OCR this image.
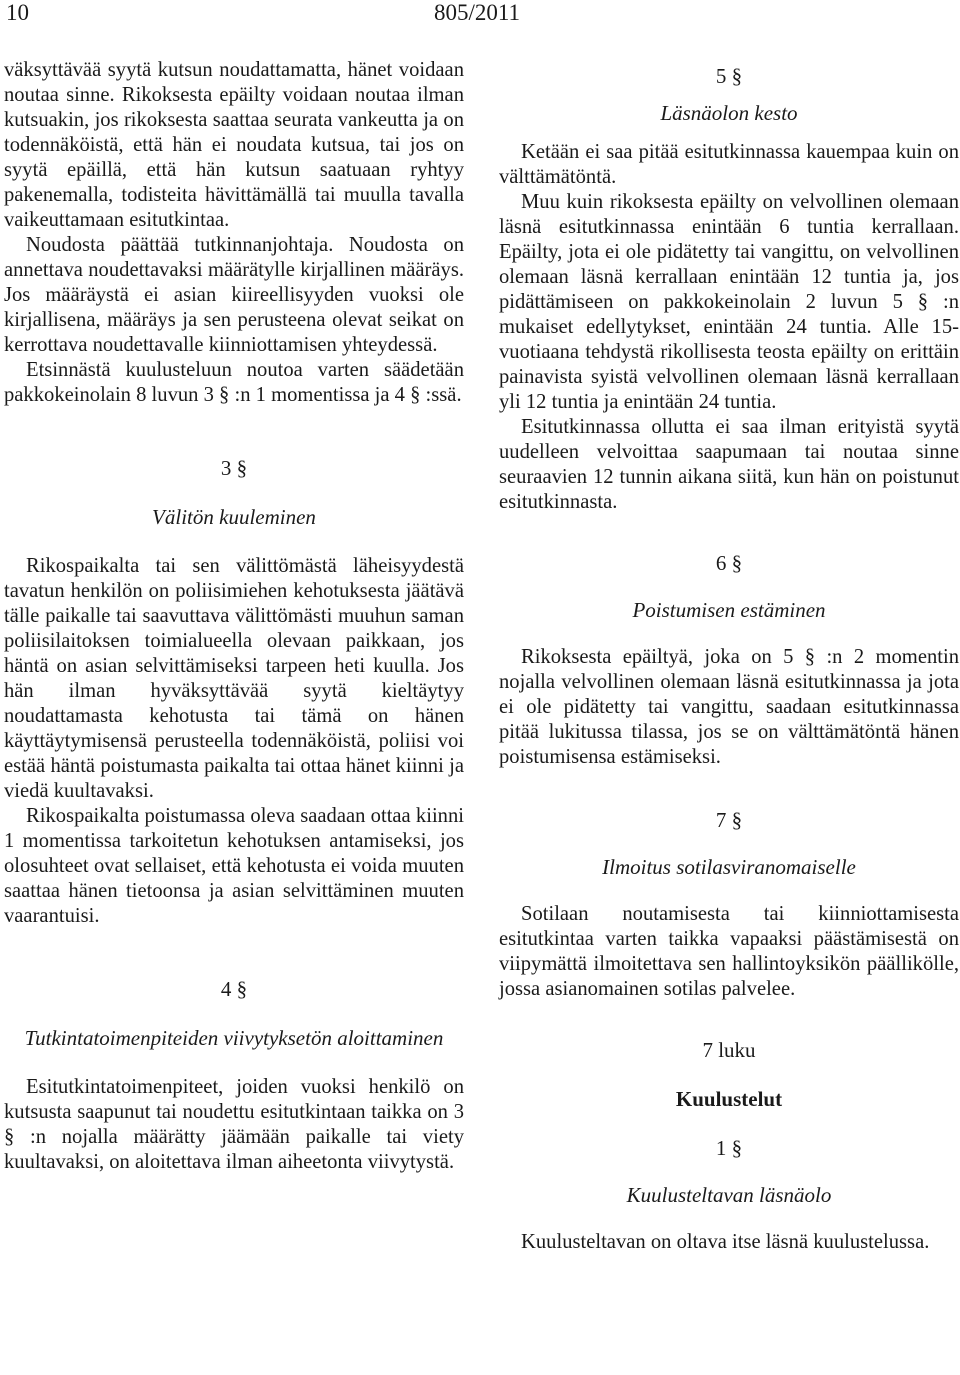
10	805/2011

väksyttävää syytä kutsun noudattamatta, hänet voidaan noutaa sinne. Rikoksesta epäilty voidaan noutaa ilman kutsuakin, jos rikoksesta saattaa seurata vankeutta ja on todennäköistä, että hän ei noudata kutsua, tai jos on syytä epäillä, että hän kutsun saatuaan ryhtyy pakenemalla, todisteita hävittämällä tai muulla tavalla vaikeuttamaan esitutkintaa.

Noudosta päättää tutkinnanjohtaja. Noudosta on annettava noudettavaksi määrätylle kirjallinen määräys. Jos määräystä ei asian kiireellisyyden vuoksi ole kirjallisena, määräys ja sen perusteena olevat seikat on kerrottava noudettavalle kiinniottamisen yhteydessä.

Etsinnästä kuulusteluun noutoa varten säädetään pakkokeinolain 8 luvun 3 § :n 1 momentissa ja 4 § :ssä.

3 §
Välitön kuuleminen

Rikospaikalta tai sen välittömästä läheisyydestä tavatun henkilön on poliisimiehen kehotuksesta jäätävä tälle paikalle tai saavuttava välittömästi muuhun saman poliisilaitoksen toimialueella olevaan paikkaan, jos häntä on asian selvittämiseksi tarpeen heti kuulla. Jos hän ilman hyväksyttävää syytä kieltäytyy noudattamasta kehotusta tai tämä on hänen käyttäytymisensä perusteella todennäköistä, poliisi voi estää häntä poistumasta paikalta tai ottaa hänet kiinni ja viedä kuultavaksi.

Rikospaikalta poistumassa oleva saadaan ottaa kiinni 1 momentissa tarkoitetun kehotuksen antamiseksi, jos olosuhteet ovat sellaiset, että kehotusta ei voida muuten saattaa hänen tietoonsa ja asian selvittäminen muuten vaarantuisi.

4 §
Tutkintatoimenpiteiden viivytyksetön aloittaminen

Esitutkintatoimenpiteet, joiden vuoksi henkilö on kutsusta saapunut tai noudettu esitutkintaan taikka on 3 § :n nojalla määrätty jäämään paikalle tai viety kuultavaksi, on aloitettava ilman aiheetonta viivytystä.

5 §
Läsnäolon kesto

Ketään ei saa pitää esitutkinnassa kauempaa kuin on välttämätöntä.

Muu kuin rikoksesta epäilty on velvollinen olemaan läsnä esitutkinnassa enintään 6 tuntia kerrallaan. Epäilty, jota ei ole pidätetty tai vangittu, on velvollinen olemaan läsnä kerrallaan enintään 12 tuntia ja, jos pidättämiseen on pakkokeinolain 2 luvun 5 § :n mukaiset edellytykset, enintään 24 tuntia. Alle 15-vuotiaana tehdystä rikollisesta teosta epäilty on erittäin painavista syistä velvollinen olemaan läsnä kerrallaan yli 12 tuntia ja enintään 24 tuntia.

Esitutkinnassa ollutta ei saa ilman erityistä syytä uudelleen velvoittaa saapumaan tai noutaa sinne seuraavien 12 tunnin aikana siitä, kun hän on poistunut esitutkinnasta.

6 §
Poistumisen estäminen

Rikoksesta epäiltyä, joka on 5 § :n 2 momentin nojalla velvollinen olemaan läsnä esitutkinnassa ja jota ei ole pidätetty tai vangittu, saadaan esitutkinnassa pitää lukitussa tilassa, jos se on välttämätöntä hänen poistumisensa estämiseksi.

7 §
Ilmoitus sotilasviranomaiselle

Sotilaan noutamisesta tai kiinniottamisesta esitutkintaa varten taikka vapaaksi päästämisestä on viipymättä ilmoitettava sen hallintoyksikön päällikölle, jossa asianomainen sotilas palvelee.

7 luku
Kuulustelut
1 §
Kuulusteltavan läsnäolo

Kuulusteltavan on oltava itse läsnä kuulustelussa.
